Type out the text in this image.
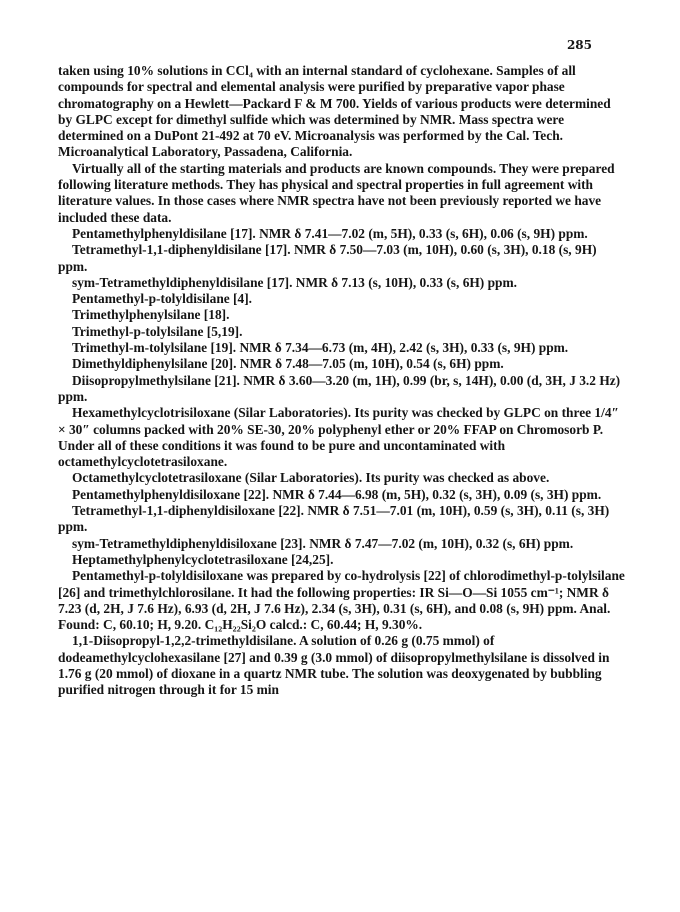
285

taken using 10% solutions in CCl₄ with an internal standard of cyclohexane. Samples of all compounds for spectral and elemental analysis were purified by preparative vapor phase chromatography on a Hewlett—Packard F & M 700. Yields of various products were determined by GLPC except for dimethyl sulfide which was determined by NMR. Mass spectra were determined on a DuPont 21-492 at 70 eV. Microanalysis was performed by the Cal. Tech. Microanalytical Laboratory, Passadena, California.

Virtually all of the starting materials and products are known compounds. They were prepared following literature methods. They has physical and spectral properties in full agreement with literature values. In those cases where NMR spectra have not been previously reported we have included these data.

Pentamethylphenyldisilane [17]. NMR δ 7.41—7.02 (m, 5H), 0.33 (s, 6H), 0.06 (s, 9H) ppm.

Tetramethyl-1,1-diphenyldisilane [17]. NMR δ 7.50—7.03 (m, 10H), 0.60 (s, 3H), 0.18 (s, 9H) ppm.

sym-Tetramethyldiphenyldisilane [17]. NMR δ 7.13 (s, 10H), 0.33 (s, 6H) ppm.

Pentamethyl-p-tolyldisilane [4].

Trimethylphenylsilane [18].

Trimethyl-p-tolylsilane [5,19].

Trimethyl-m-tolylsilane [19]. NMR δ 7.34—6.73 (m, 4H), 2.42 (s, 3H), 0.33 (s, 9H) ppm.

Dimethyldiphenylsilane [20]. NMR δ 7.48—7.05 (m, 10H), 0.54 (s, 6H) ppm.

Diisopropylmethylsilane [21]. NMR δ 3.60—3.20 (m, 1H), 0.99 (br, s, 14H), 0.00 (d, 3H, J 3.2 Hz) ppm.

Hexamethylcyclotrisiloxane (Silar Laboratories). Its purity was checked by GLPC on three 1/4″ × 30″ columns packed with 20% SE-30, 20% polyphenyl ether or 20% FFAP on Chromosorb P. Under all of these conditions it was found to be pure and uncontaminated with octamethylcyclotetrasiloxane.

Octamethylcyclotetrasiloxane (Silar Laboratories). Its purity was checked as above.

Pentamethylphenyldisiloxane [22]. NMR δ 7.44—6.98 (m, 5H), 0.32 (s, 3H), 0.09 (s, 3H) ppm.

Tetramethyl-1,1-diphenyldisiloxane [22]. NMR δ 7.51—7.01 (m, 10H), 0.59 (s, 3H), 0.11 (s, 3H) ppm.

sym-Tetramethyldiphenyldisiloxane [23]. NMR δ 7.47—7.02 (m, 10H), 0.32 (s, 6H) ppm.

Heptamethylphenylcyclotetrasiloxane [24,25].

Pentamethyl-p-tolyldisiloxane was prepared by co-hydrolysis [22] of chlorodimethyl-p-tolylsilane [26] and trimethylchlorosilane. It had the following properties: IR Si—O—Si 1055 cm⁻¹; NMR δ 7.23 (d, 2H, J 7.6 Hz), 6.93 (d, 2H, J 7.6 Hz), 2.34 (s, 3H), 0.31 (s, 6H), and 0.08 (s, 9H) ppm. Anal. Found: C, 60.10; H, 9.20. C₁₂H₂₂Si₂O calcd.: C, 60.44; H, 9.30%.

1,1-Diisopropyl-1,2,2-trimethyldisilane. A solution of 0.26 g (0.75 mmol) of dodeamethylcyclohexasilane [27] and 0.39 g (3.0 mmol) of diisopropylmethylsilane is dissolved in 1.76 g (20 mmol) of dioxane in a quartz NMR tube. The solution was deoxygenated by bubbling purified nitrogen through it for 15 min
